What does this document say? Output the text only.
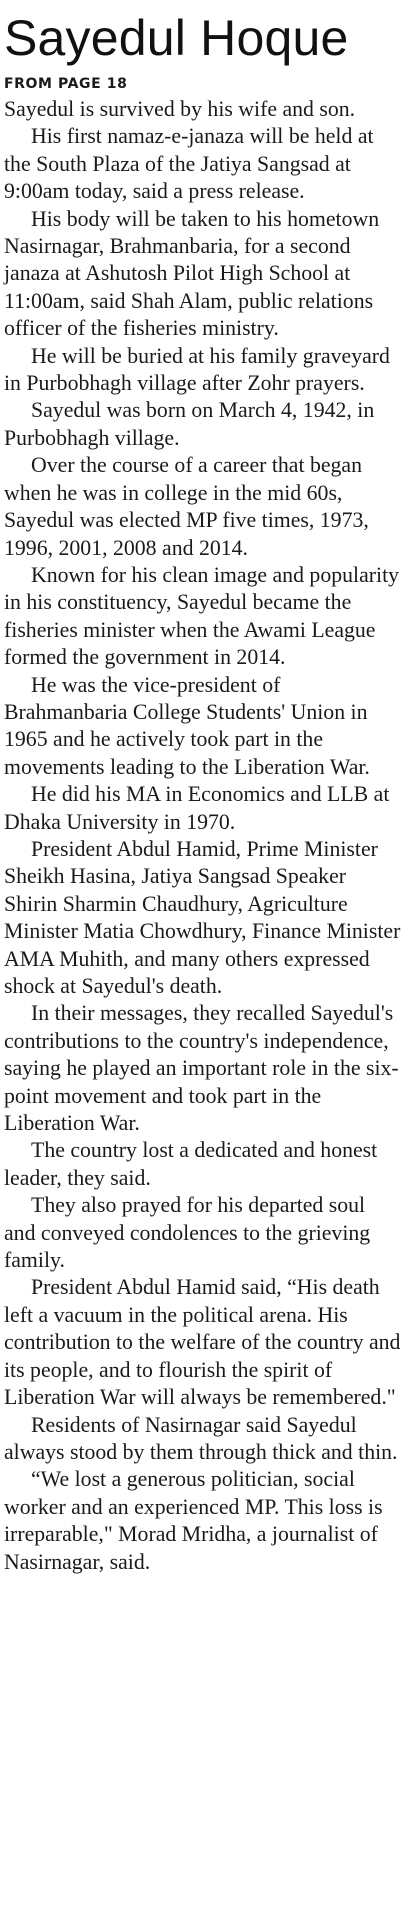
Sayedul Hoque
FROM PAGE 18

Sayedul is survived by his wife and son.

His first namaz-e-janaza will be held at the South Plaza of the Jatiya Sangsad at 9:00am today, said a press release.

His body will be taken to his hometown Nasirnagar, Brahmanbaria, for a second janaza at Ashutosh Pilot High School at 11:00am, said Shah Alam, public relations officer of the fisheries ministry.

He will be buried at his family graveyard in Purbobhagh village after Zohr prayers.

Sayedul was born on March 4, 1942, in Purbobhagh village.

Over the course of a career that began when he was in college in the mid 60s, Sayedul was elected MP five times, 1973, 1996, 2001, 2008 and 2014.

Known for his clean image and popularity in his constituency, Sayedul became the fisheries minister when the Awami League formed the government in 2014.

He was the vice-president of Brahmanbaria College Students' Union in 1965 and he actively took part in the movements leading to the Liberation War.

He did his MA in Economics and LLB at Dhaka University in 1970.

President Abdul Hamid, Prime Minister Sheikh Hasina, Jatiya Sangsad Speaker Shirin Sharmin Chaudhury, Agriculture Minister Matia Chowdhury, Finance Minister AMA Muhith, and many others expressed shock at Sayedul's death.

In their messages, they recalled Sayedul's contributions to the country's independence, saying he played an important role in the six-point movement and took part in the Liberation War.

The country lost a dedicated and honest leader, they said.

They also prayed for his departed soul and conveyed condolences to the grieving family.

President Abdul Hamid said, “His death left a vacuum in the political arena. His contribution to the welfare of the country and its people, and to flourish the spirit of Liberation War will always be remembered."

Residents of Nasirnagar said Sayedul always stood by them through thick and thin.

“We lost a generous politician, social worker and an experienced MP. This loss is irreparable," Morad Mridha, a journalist of Nasirnagar, said.
